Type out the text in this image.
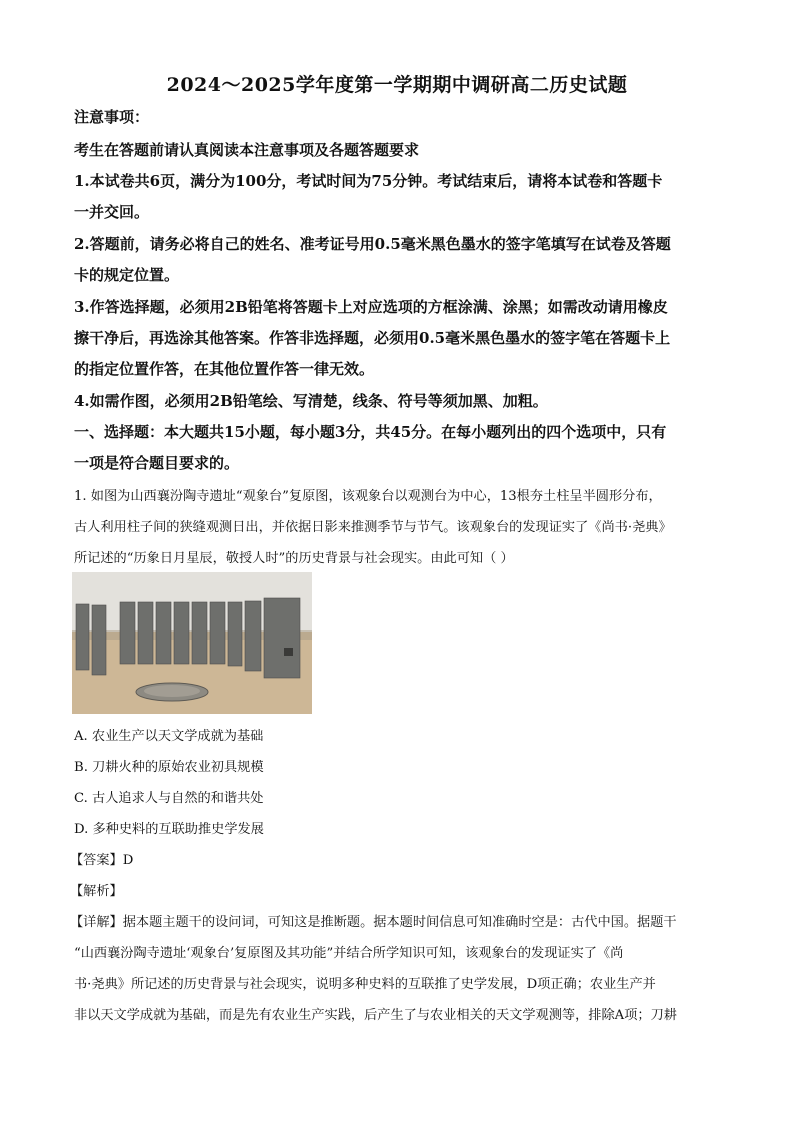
2024～2025学年度第一学期期中调研高二历史试题
注意事项：
考生在答题前请认真阅读本注意事项及各题答题要求
1.本试卷共6页，满分为100分，考试时间为75分钟。考试结束后，请将本试卷和答题卡
一并交回。
2.答题前，请务必将自己的姓名、准考证号用0.5毫米黑色墨水的签字笔填写在试卷及答题
卡的规定位置。
3.作答选择题，必须用2B铅笔将答题卡上对应选项的方框涂满、涂黑；如需改动请用橡皮
擦干净后，再选涂其他答案。作答非选择题，必须用0.5毫米黑色墨水的签字笔在答题卡上
的指定位置作答，在其他位置作答一律无效。
4.如需作图，必须用2B铅笔绘、写清楚，线条、符号等须加黑、加粗。
一、选择题：本大题共15小题，每小题3分，共45分。在每小题列出的四个选项中，只有
一项是符合题目要求的。
1. 如图为山西襄汾陶寺遗址“观象台”复原图，该观象台以观测台为中心，13根夯土柱呈半圆形分布，
古人利用柱子间的狭缝观测日出，并依据日影来推测季节与节气。该观象台的发现证实了《尚书·尧典》
所记述的“历象日月星辰，敬授人时”的历史背景与社会现实。由此可知（ ）
A. 农业生产以天文学成就为基础
B. 刀耕火种的原始农业初具规模
C. 古人追求人与自然的和谐共处
D. 多种史料的互联助推史学发展
【答案】D
【解析】
【详解】据本题主题干的设问词，可知这是推断题。据本题时间信息可知准确时空是：古代中国。据题干
“山西襄汾陶寺遗址‘观象台’复原图及其功能”并结合所学知识可知，该观象台的发现证实了《尚
书·尧典》所记述的历史背景与社会现实，说明多种史料的互联推了史学发展，D项正确；农业生产并
非以天文学成就为基础，而是先有农业生产实践，后产生了与农业相关的天文学观测等，排除A项；刀耕
